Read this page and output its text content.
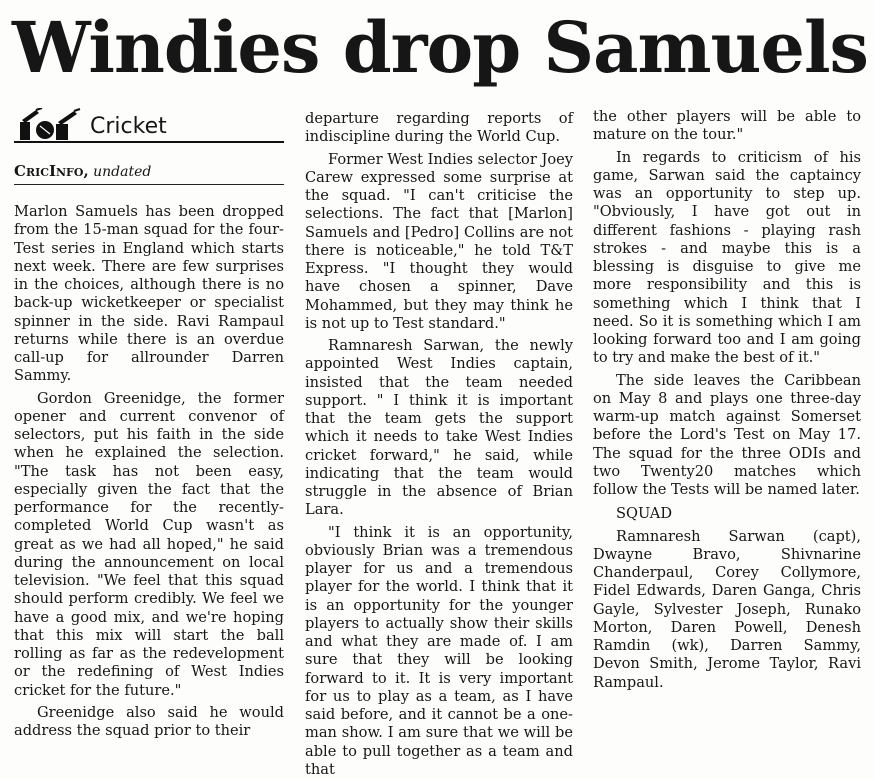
Windies drop Samuels
Cricket
CricInfo, undated

Marlon Samuels has been dropped from the 15-man squad for the four-Test series in England which starts next week. There are few surprises in the choices, although there is no back-up wicketkeeper or specialist spinner in the side. Ravi Rampaul returns while there is an overdue call-up for allrounder Darren Sammy.

Gordon Greenidge, the former opener and current convenor of selectors, put his faith in the side when he explained the selection. "The task has not been easy, especially given the fact that the performance for the recently-completed World Cup wasn't as great as we had all hoped," he said during the announcement on local television. "We feel that this squad should perform credibly. We feel we have a good mix, and we're hoping that this mix will start the ball rolling as far as the redevelopment or the redefining of West Indies cricket for the future."

Greenidge also said he would address the squad prior to their

departure regarding reports of indiscipline during the World Cup.

Former West Indies selector Joey Carew expressed some surprise at the squad. "I can't criticise the selections. The fact that [Marlon] Samuels and [Pedro] Collins are not there is noticeable," he told T&T Express. "I thought they would have chosen a spinner, Dave Mohammed, but they may think he is not up to Test standard."

Ramnaresh Sarwan, the newly appointed West Indies captain, insisted that the team needed support. " I think it is important that the team gets the support which it needs to take West Indies cricket forward," he said, while indicating that the team would struggle in the absence of Brian Lara.

"I think it is an opportunity, obviously Brian was a tremendous player for us and a tremendous player for the world. I think that it is an opportunity for the younger players to actually show their skills and what they are made of. I am sure that they will be looking forward to it. It is very important for us to play as a team, as I have said before, and it cannot be a one-man show. I am sure that we will be able to pull together as a team and that

the other players will be able to mature on the tour."

In regards to criticism of his game, Sarwan said the captaincy was an opportunity to step up. "Obviously, I have got out in different fashions - playing rash strokes - and maybe this is a blessing is disguise to give me more responsibility and this is something which I think that I need. So it is something which I am looking forward too and I am going to try and make the best of it."

The side leaves the Caribbean on May 8 and plays one three-day warm-up match against Somerset before the Lord's Test on May 17. The squad for the three ODIs and two Twenty20 matches which follow the Tests will be named later.

SQUAD

Ramnaresh Sarwan (capt), Dwayne Bravo, Shivnarine Chanderpaul, Corey Collymore, Fidel Edwards, Daren Ganga, Chris Gayle, Sylvester Joseph, Runako Morton, Daren Powell, Denesh Ramdin (wk), Darren Sammy, Devon Smith, Jerome Taylor, Ravi Rampaul.
